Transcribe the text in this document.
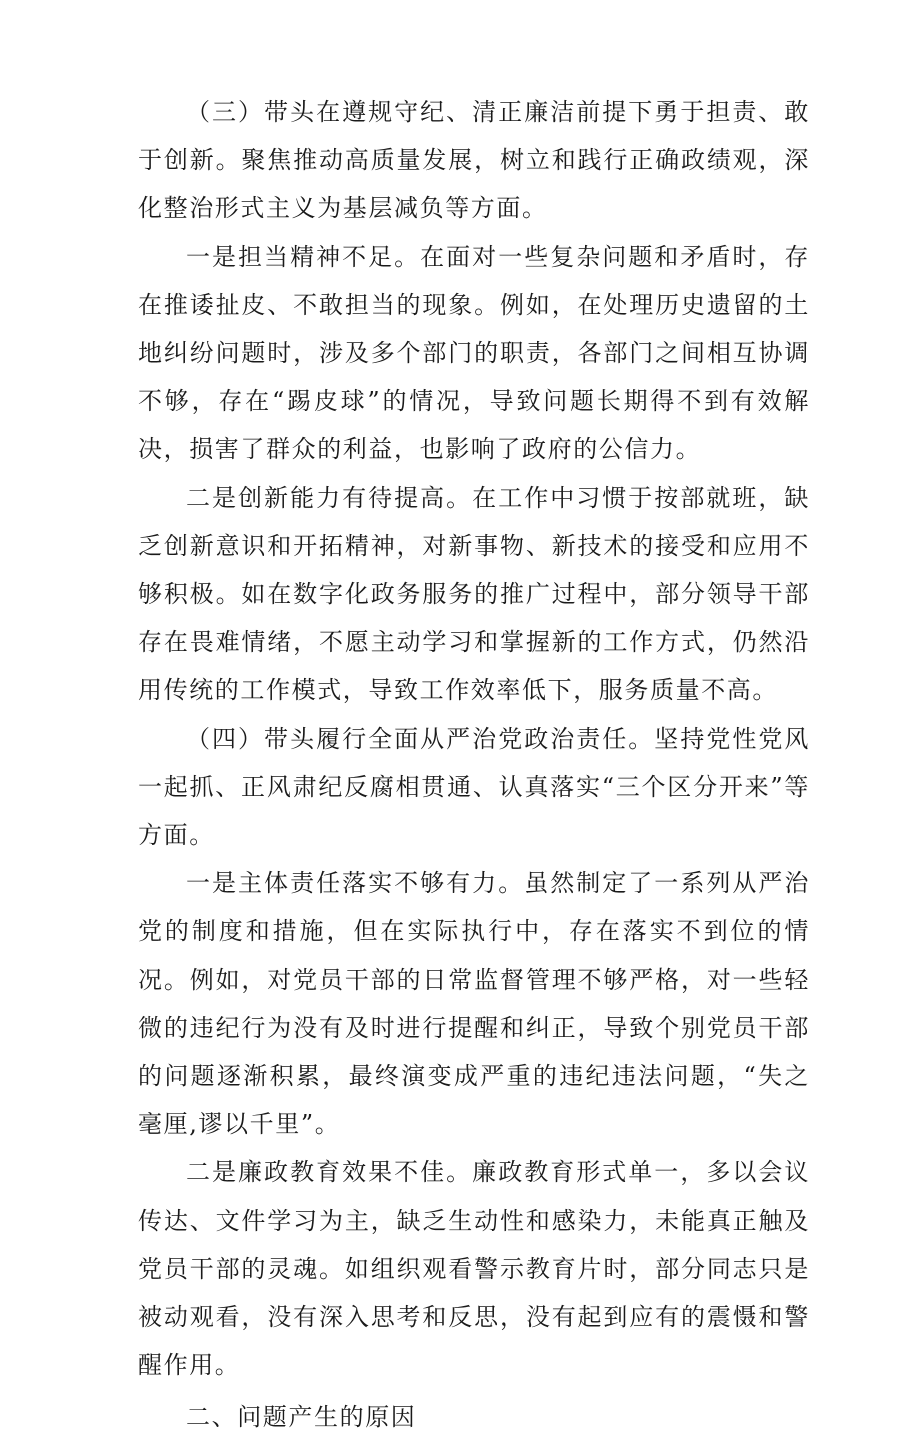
（三）带头在遵规守纪、清正廉洁前提下勇于担责、敢于创新。聚焦推动高质量发展，树立和践行正确政绩观，深化整治形式主义为基层减负等方面。

一是担当精神不足。在面对一些复杂问题和矛盾时，存在推诿扯皮、不敢担当的现象。例如，在处理历史遗留的土地纠纷问题时，涉及多个部门的职责，各部门之间相互协调不够，存在“踢皮球”的情况，导致问题长期得不到有效解决，损害了群众的利益，也影响了政府的公信力。

二是创新能力有待提高。在工作中习惯于按部就班，缺乏创新意识和开拓精神，对新事物、新技术的接受和应用不够积极。如在数字化政务服务的推广过程中，部分领导干部存在畏难情绪，不愿主动学习和掌握新的工作方式，仍然沿用传统的工作模式，导致工作效率低下，服务质量不高。

（四）带头履行全面从严治党政治责任。坚持党性党风一起抓、正风肃纪反腐相贯通、认真落实“三个区分开来”等方面。

一是主体责任落实不够有力。虽然制定了一系列从严治党的制度和措施，但在实际执行中，存在落实不到位的情况。例如，对党员干部的日常监督管理不够严格，对一些轻微的违纪行为没有及时进行提醒和纠正，导致个别党员干部的问题逐渐积累，最终演变成严重的违纪违法问题，“失之毫厘,谬以千里”。

二是廉政教育效果不佳。廉政教育形式单一，多以会议传达、文件学习为主，缺乏生动性和感染力，未能真正触及党员干部的灵魂。如组织观看警示教育片时，部分同志只是被动观看，没有深入思考和反思，没有起到应有的震慑和警醒作用。

二、问题产生的原因
